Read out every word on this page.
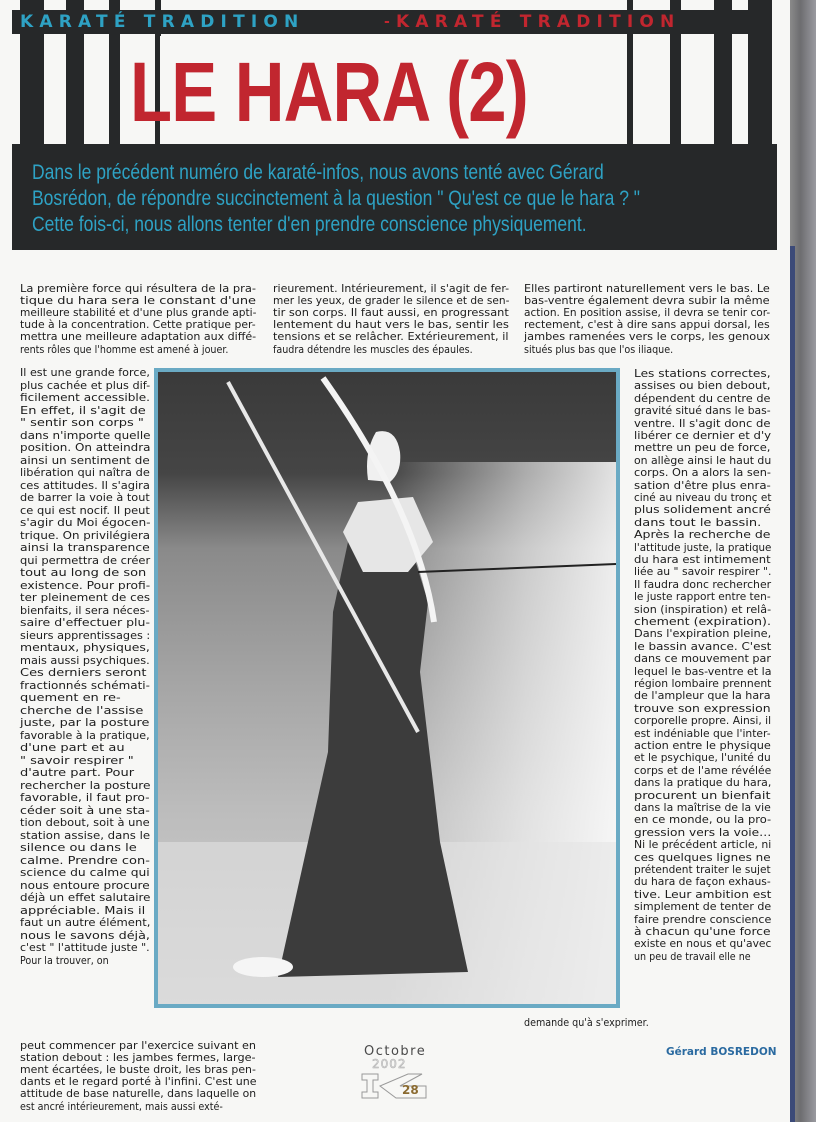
KARATÉ TRADITION	- KARATÉ TRADITION
LE HARA (2)
Dans le précédent numéro de karaté-infos, nous avons tenté avec Gérard
Bosrédon, de répondre succinctement à la question " Qu'est ce que le hara ? "
Cette fois-ci, nous allons tenter d'en prendre conscience physiquement.
Octobre
2002
28
Gérard BOSREDON
La première force qui résultera de la pra-
tique du hara sera le constant d'une
meilleure stabilité et d'une plus grande apti-
tude à la concentration. Cette pratique per-
mettra une meilleure adaptation aux diffé-
rents rôles que l'homme est amené à jouer.
Il est une grande force,
plus cachée et plus dif-
ficilement accessible.
En effet, il s'agit de
" sentir son corps "
dans n'importe quelle
position. On atteindra
ainsi un sentiment de
libération qui naîtra de
ces attitudes. Il s'agira
de barrer la voie à tout
ce qui est nocif. Il peut
s'agir du Moi égocen-
trique. On privilégiera
ainsi la transparence
qui permettra de créer
tout au long de son
existence. Pour profi-
ter pleinement de ces
bienfaits, il sera néces-
saire d'effectuer plu-
sieurs apprentissages :
mentaux, physiques,
mais aussi psychiques.
Ces derniers seront
fractionnés schémati-
quement en re-
cherche de l'assise
juste, par la posture
favorable à la pratique,
d'une part et au
" savoir respirer "
d'autre part. Pour
rechercher la posture
favorable, il faut pro-
céder soit à une sta-
tion debout, soit à une
station assise, dans le
silence ou dans le
calme. Prendre con-
science du calme qui
nous entoure procure
déjà un effet salutaire
appréciable. Mais il
faut un autre élément,
nous le savons déjà,
c'est " l'attitude juste ".
Pour la trouver, on
peut commencer par l'exercice suivant en
station debout : les jambes fermes, large-
ment écartées, le buste droit, les bras pen-
dants et le regard porté à l'infini. C'est une
attitude de base naturelle, dans laquelle on
est ancré intérieurement, mais aussi exté-
rieurement. Intérieurement, il s'agit de fer-
mer les yeux, de grader le silence et de sen-
tir son corps. Il faut aussi, en progressant
lentement du haut vers le bas, sentir les
tensions et se relâcher. Extérieurement, il
faudra détendre les muscles des épaules.
Elles partiront naturellement vers le bas. Le
bas-ventre également devra subir la même
action. En position assise, il devra se tenir cor-
rectement, c'est à dire sans appui dorsal, les
jambes ramenées vers le corps, les genoux
situés plus bas que l'os iliaque.
Les stations correctes,
assises ou bien debout,
dépendent du centre de
gravité situé dans le bas-
ventre. Il s'agit donc de
libérer ce dernier et d'y
mettre un peu de force,
on allège ainsi le haut du
corps. On a alors la sen-
sation d'être plus enra-
ciné au niveau du tronç et
plus solidement ancré
dans tout le bassin.
Après la recherche de
l'attitude juste, la pratique
du hara est intimement
liée au " savoir respirer ".
Il faudra donc rechercher
le juste rapport entre ten-
sion (inspiration) et relâ-
chement (expiration).
Dans l'expiration pleine,
le bassin avance. C'est
dans ce mouvement par
lequel le bas-ventre et la
région lombaire prennent
de l'ampleur que la hara
trouve son expression
corporelle propre. Ainsi, il
est indéniable que l'inter-
action entre le physique
et le psychique, l'unité du
corps et de l'ame révélée
dans la pratique du hara,
procurent un bienfait
dans la maîtrise de la vie
en ce monde, ou la pro-
gression vers la voie…
Ni le précédent article, ni
ces quelques lignes ne
prétendent traiter le sujet
du hara de façon exhaus-
tive. Leur ambition est
simplement de tenter de
faire prendre conscience
à chacun qu'une force
existe en nous et qu'avec
un peu de travail elle ne
demande qu'à s'exprimer.
